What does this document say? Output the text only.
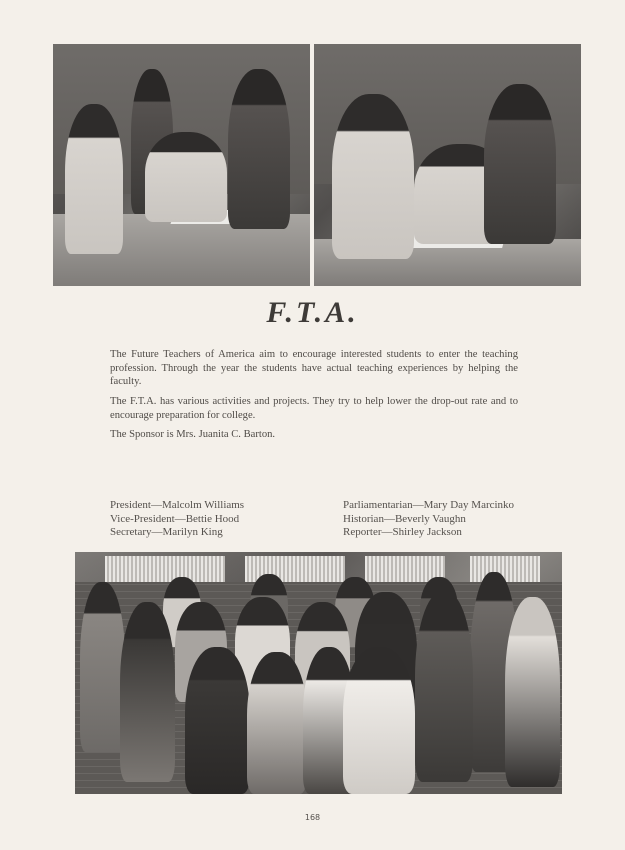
F.T.A.

The Future Teachers of America aim to encourage interested students to enter the teaching profession. Through the year the students have actual teaching experiences by helping the faculty.

The F.T.A. has various activities and projects. They try to help lower the drop-out rate and to encourage preparation for college.

The Sponsor is Mrs. Juanita C. Barton.

President—Malcolm Williams
Vice-President—Bettie Hood
Secretary—Marilyn King
Parliamentarian—Mary Day Marcinko
Historian—Beverly Vaughn
Reporter—Shirley Jackson
168
